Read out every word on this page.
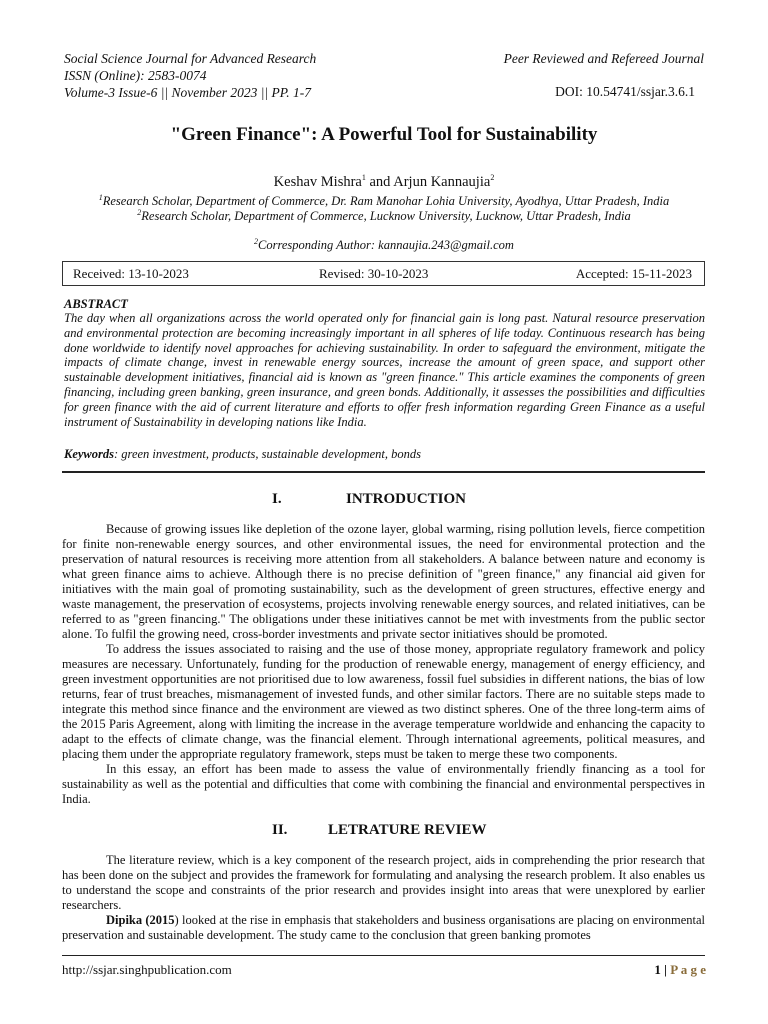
Social Science Journal for Advanced Research
ISSN (Online): 2583-0074
Volume-3 Issue-6 || November 2023 || PP. 1-7
Peer Reviewed and Refereed Journal
DOI: 10.54741/ssjar.3.6.1
"Green Finance": A Powerful Tool for Sustainability
Keshav Mishra$^1$ and Arjun Kannaujia$^2$
$^1$Research Scholar, Department of Commerce, Dr. Ram Manohar Lohia University, Ayodhya, Uttar Pradesh, India
$^2$Research Scholar, Department of Commerce, Lucknow University, Lucknow, Uttar Pradesh, India
$^2$Corresponding Author: kannaujia.243@gmail.com
Received: 13-10-2023	Revised: 30-10-2023	Accepted: 15-11-2023
ABSTRACT
The day when all organizations across the world operated only for financial gain is long past. Natural resource preservation and environmental protection are becoming increasingly important in all spheres of life today. Continuous research has being done worldwide to identify novel approaches for achieving sustainability. In order to safeguard the environment, mitigate the impacts of climate change, invest in renewable energy sources, increase the amount of green space, and support other sustainable development initiatives, financial aid is known as "green finance." This article examines the components of green financing, including green banking, green insurance, and green bonds. Additionally, it assesses the possibilities and difficulties for green finance with the aid of current literature and efforts to offer fresh information regarding Green Finance as a useful instrument of Sustainability in developing nations like India.
Keywords: green investment, products, sustainable development, bonds
I.	INTRODUCTION

Because of growing issues like depletion of the ozone layer, global warming, rising pollution levels, fierce competition for finite non-renewable energy sources, and other environmental issues, the need for environmental protection and the preservation of natural resources is receiving more attention from all stakeholders. A balance between nature and economy is what green finance aims to achieve. Although there is no precise definition of "green finance," any financial aid given for initiatives with the main goal of promoting sustainability, such as the development of green structures, effective energy and waste management, the preservation of ecosystems, projects involving renewable energy sources, and related initiatives, can be referred to as "green financing." The obligations under these initiatives cannot be met with investments from the public sector alone. To fulfil the growing need, cross-border investments and private sector initiatives should be promoted.

To address the issues associated to raising and the use of those money, appropriate regulatory framework and policy measures are necessary. Unfortunately, funding for the production of renewable energy, management of energy efficiency, and green investment opportunities are not prioritised due to low awareness, fossil fuel subsidies in different nations, the bias of low returns, fear of trust breaches, mismanagement of invested funds, and other similar factors. There are no suitable steps made to integrate this method since finance and the environment are viewed as two distinct spheres. One of the three long-term aims of the 2015 Paris Agreement, along with limiting the increase in the average temperature worldwide and enhancing the capacity to adapt to the effects of climate change, was the financial element. Through international agreements, political measures, and placing them under the appropriate regulatory framework, steps must be taken to merge these two components.

In this essay, an effort has been made to assess the value of environmentally friendly financing as a tool for sustainability as well as the potential and difficulties that come with combining the financial and environmental perspectives in India.

II.	LETRATURE REVIEW

The literature review, which is a key component of the research project, aids in comprehending the prior research that has been done on the subject and provides the framework for formulating and analysing the research problem. It also enables us to understand the scope and constraints of the prior research and provides insight into areas that were unexplored by earlier researchers.

Dipika (2015) looked at the rise in emphasis that stakeholders and business organisations are placing on environmental preservation and sustainable development. The study came to the conclusion that green banking promotes

http://ssjar.singhpublication.com	1 | P a g e
